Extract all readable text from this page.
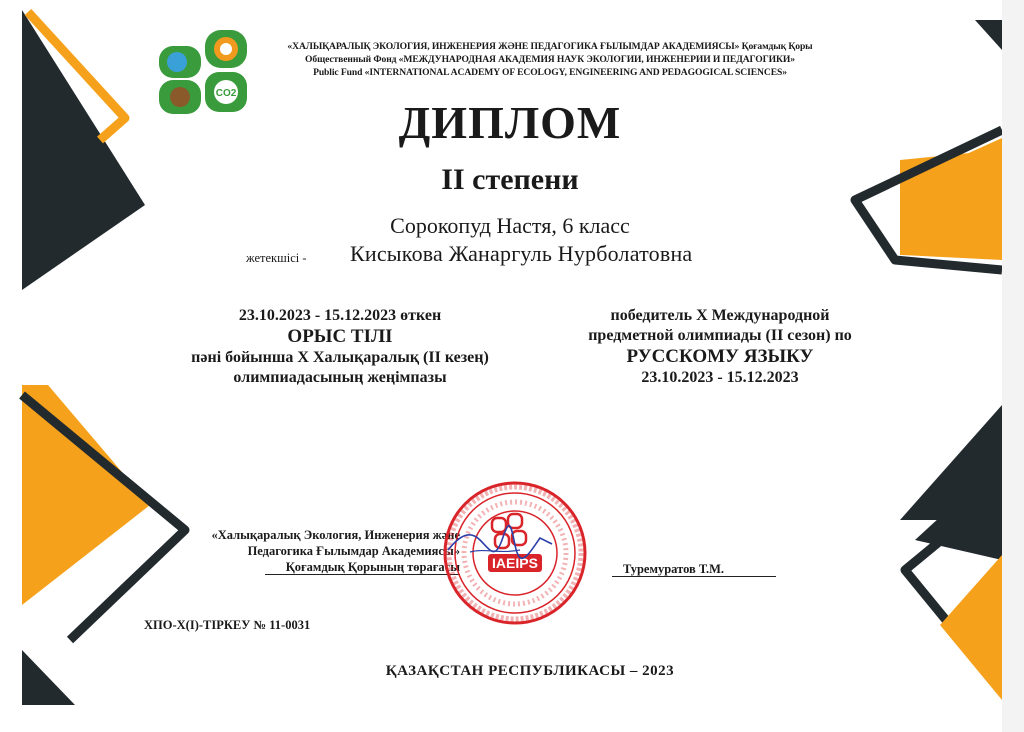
CO2
«ХАЛЫҚАРАЛЫҚ ЭКОЛОГИЯ, ИНЖЕНЕРИЯ ЖӘНЕ ПЕДАГОГИКА ҒЫЛЫМДАР АКАДЕМИЯСЫ» Қоғамдық Қоры
Общественный Фонд «МЕЖДУНАРОДНАЯ АКАДЕМИЯ НАУК ЭКОЛОГИИ, ИНЖЕНЕРИИ И ПЕДАГОГИКИ»
Public Fund «INTERNATIONAL ACADEMY OF ECOLOGY, ENGINEERING AND PEDAGOGICAL SCIENCES»
ДИПЛОМ
II степени
Сорокопуд Настя, 6 класс
жетекшісі - Кисыкова Жанаргуль Нурболатовна
23.10.2023 - 15.12.2023 өткен
ОРЫС ТІЛІ
пәні бойынша X Халықаралық (II кезең)
олимпиадасының жеңімпазы
победитель X Международной
предметной олимпиады (II сезон) по
РУССКОМУ ЯЗЫКУ
23.10.2023 - 15.12.2023
«Халықаралық Экология, Инженерия және
Педагогика Ғылымдар Академиясы»
Қоғамдық Қорының төрағасы IAEIPS	Туремуратов Т.М.
ХПО-Х(I)-ТІРКЕУ № 11-0031
ҚАЗАҚСТАН РЕСПУБЛИКАСЫ – 2023
